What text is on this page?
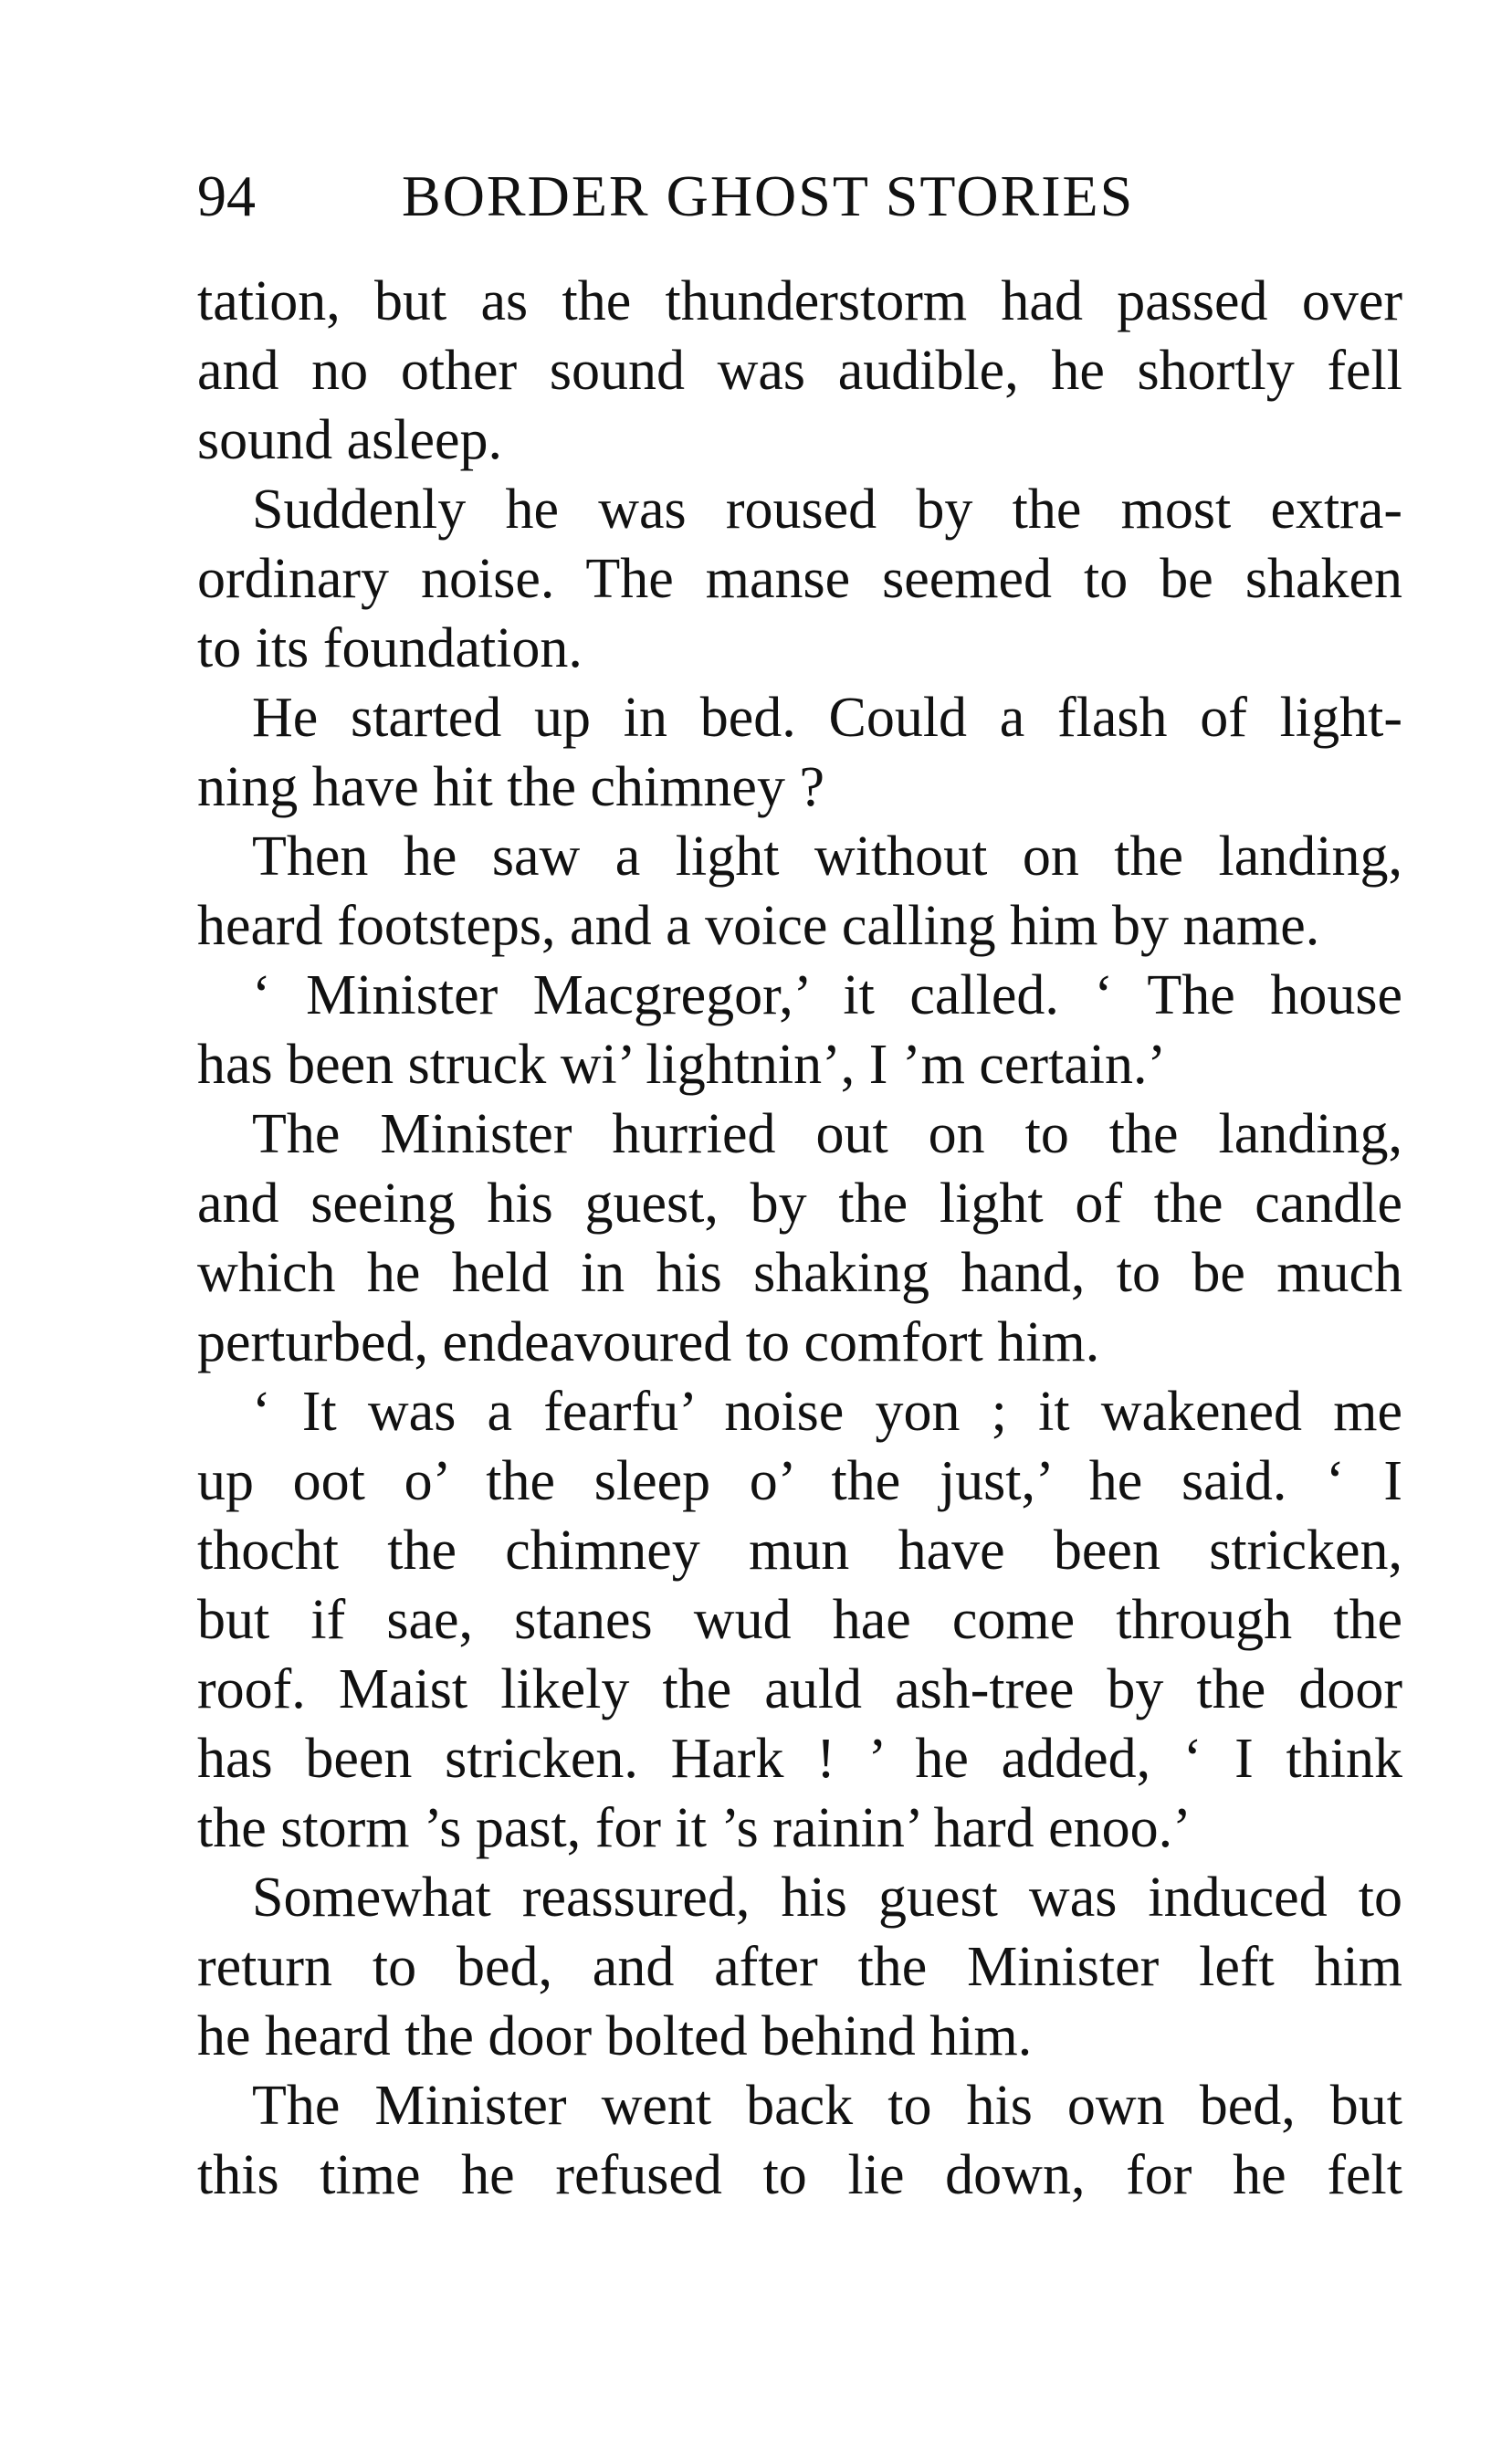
94	BORDER GHOST STORIES
tation, but as the thunderstorm had passed over
and no other sound was audible, he shortly fell
sound asleep.
Suddenly he was roused by the most extra-
ordinary noise. The manse seemed to be shaken
to its foundation.
He started up in bed. Could a flash of light-
ning have hit the chimney ?
Then he saw a light without on the landing,
heard footsteps, and a voice calling him by name.
‘ Minister Macgregor,’ it called. ‘ The house
has been struck wi’ lightnin’, I ’m certain.’
The Minister hurried out on to the landing,
and seeing his guest, by the light of the candle
which he held in his shaking hand, to be much
perturbed, endeavoured to comfort him.
‘ It was a fearfu’ noise yon ; it wakened me
up oot o’ the sleep o’ the just,’ he said. ‘ I
thocht the chimney mun have been stricken,
but if sae, stanes wud hae come through the
roof. Maist likely the auld ash-tree by the door
has been stricken. Hark ! ’ he added, ‘ I think
the storm ’s past, for it ’s rainin’ hard enoo.’
Somewhat reassured, his guest was induced to
return to bed, and after the Minister left him
he heard the door bolted behind him.
The Minister went back to his own bed, but
this time he refused to lie down, for he felt
